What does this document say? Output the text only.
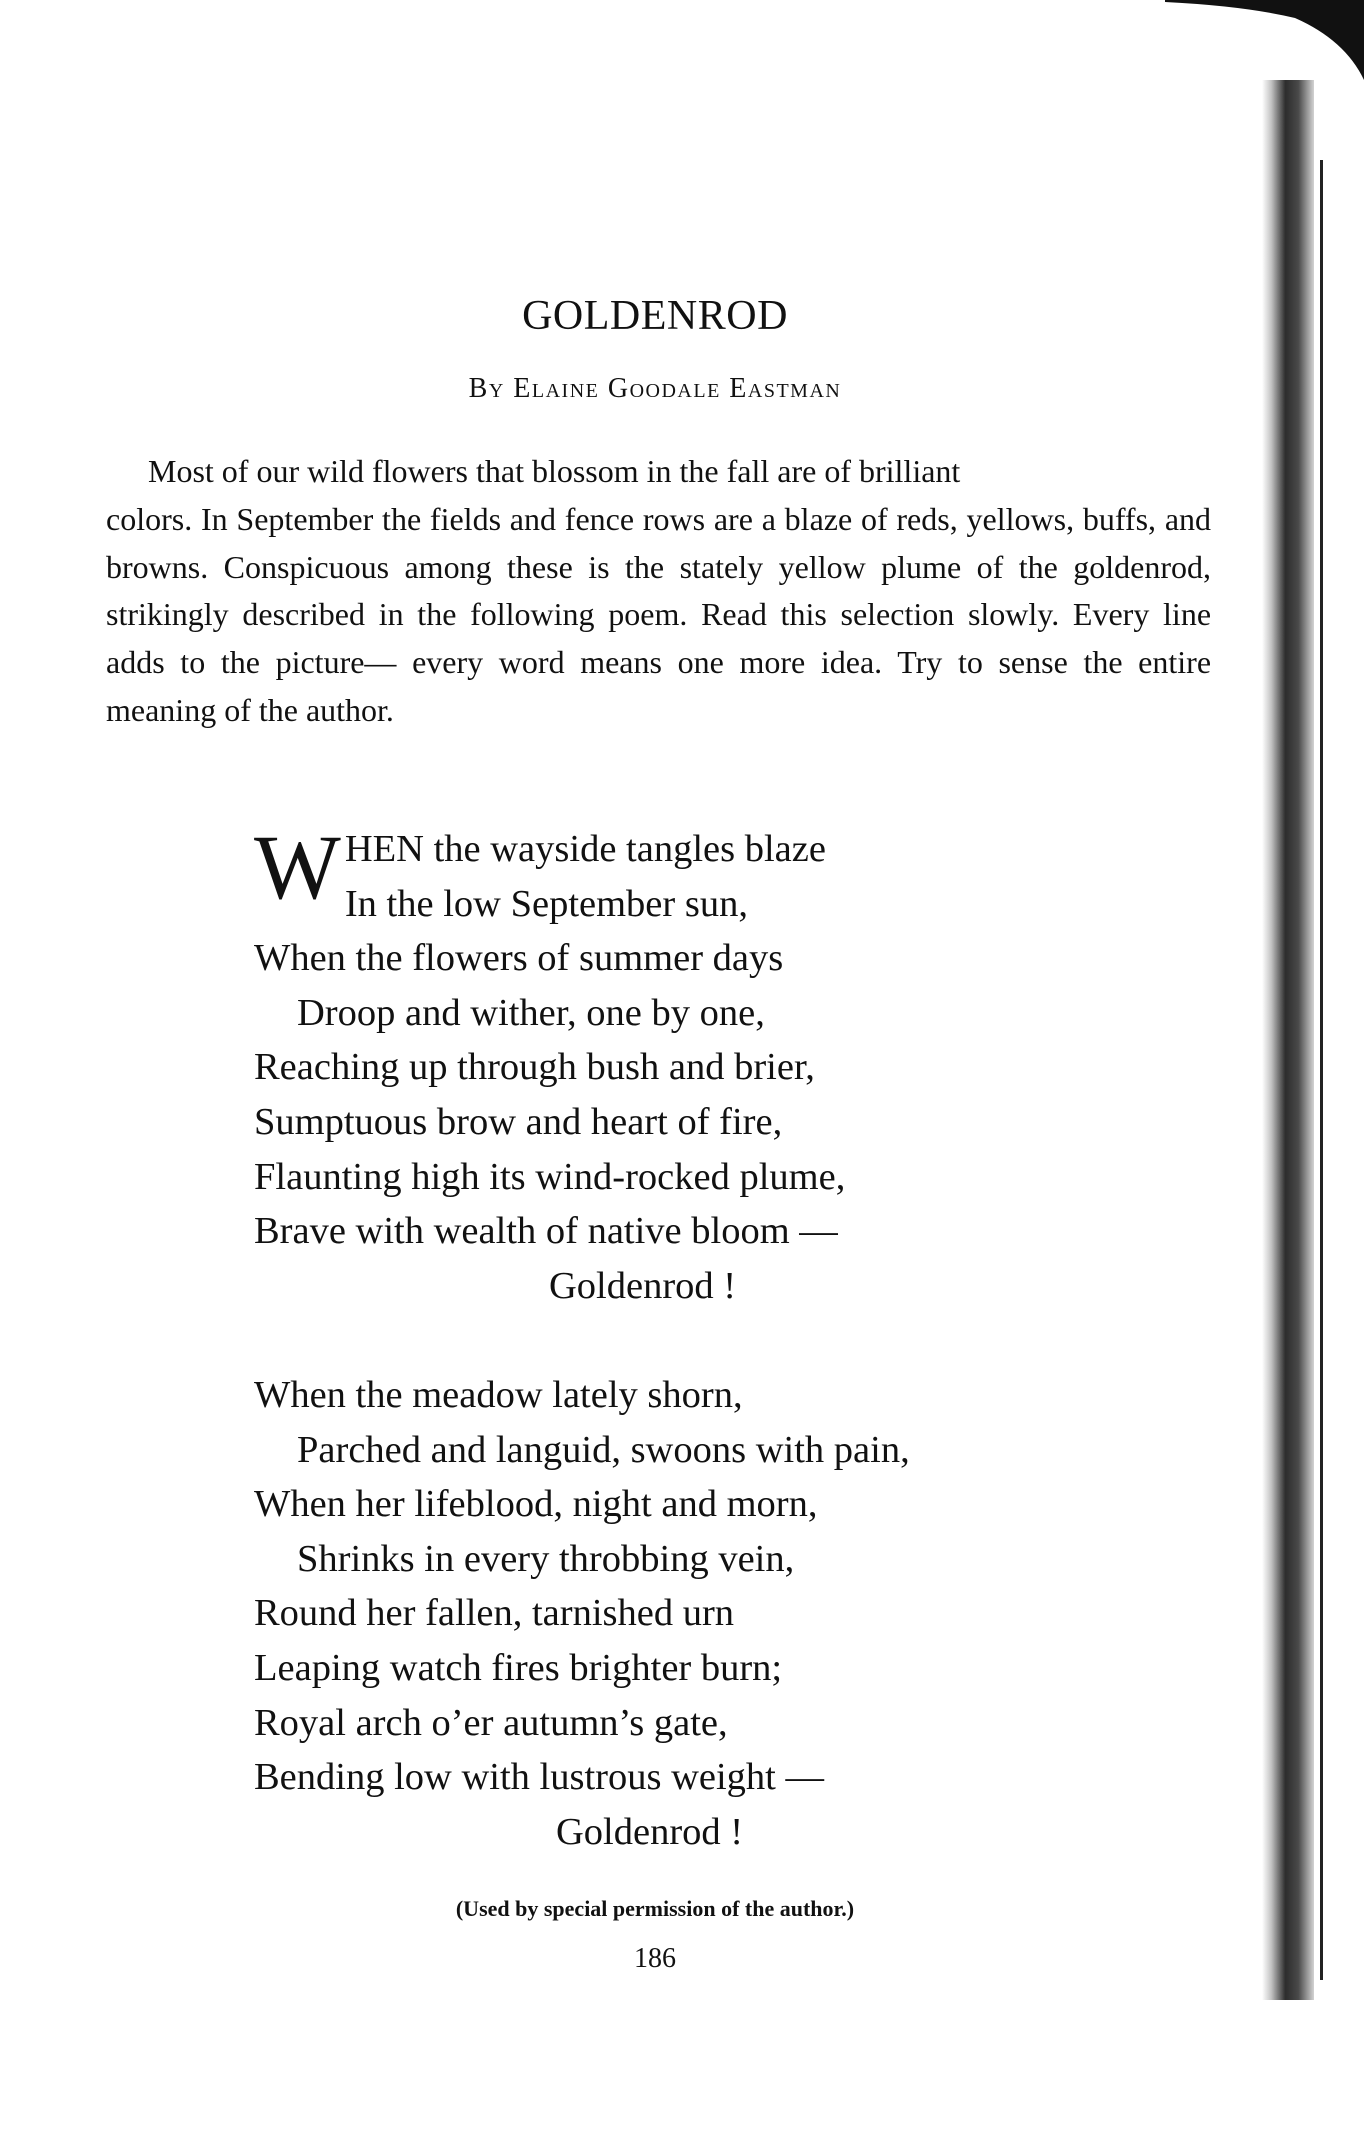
GOLDENROD
By Elaine Goodale Eastman
Most of our wild flowers that blossom in the fall are of brilliant
colors. In September the fields and fence rows are a blaze of reds, yellows, buffs, and browns. Conspicuous among these is the stately yellow plume of the goldenrod, strikingly described in the following poem. Read this selection slowly. Every line adds to the picture— every word means one more idea. Try to sense the entire meaning of the author.
W HEN the wayside tangles blaze
In the low September sun,
When the flowers of summer days
Droop and wither, one by one,
Reaching up through bush and brier,
Sumptuous brow and heart of fire,
Flaunting high its wind-rocked plume,
Brave with wealth of native bloom —
Goldenrod !
When the meadow lately shorn,
Parched and languid, swoons with pain,
When her lifeblood, night and morn,
Shrinks in every throbbing vein,
Round her fallen, tarnished urn
Leaping watch fires brighter burn;
Royal arch o’er autumn’s gate,
Bending low with lustrous weight —
Goldenrod !
(Used by special permission of the author.)
186
